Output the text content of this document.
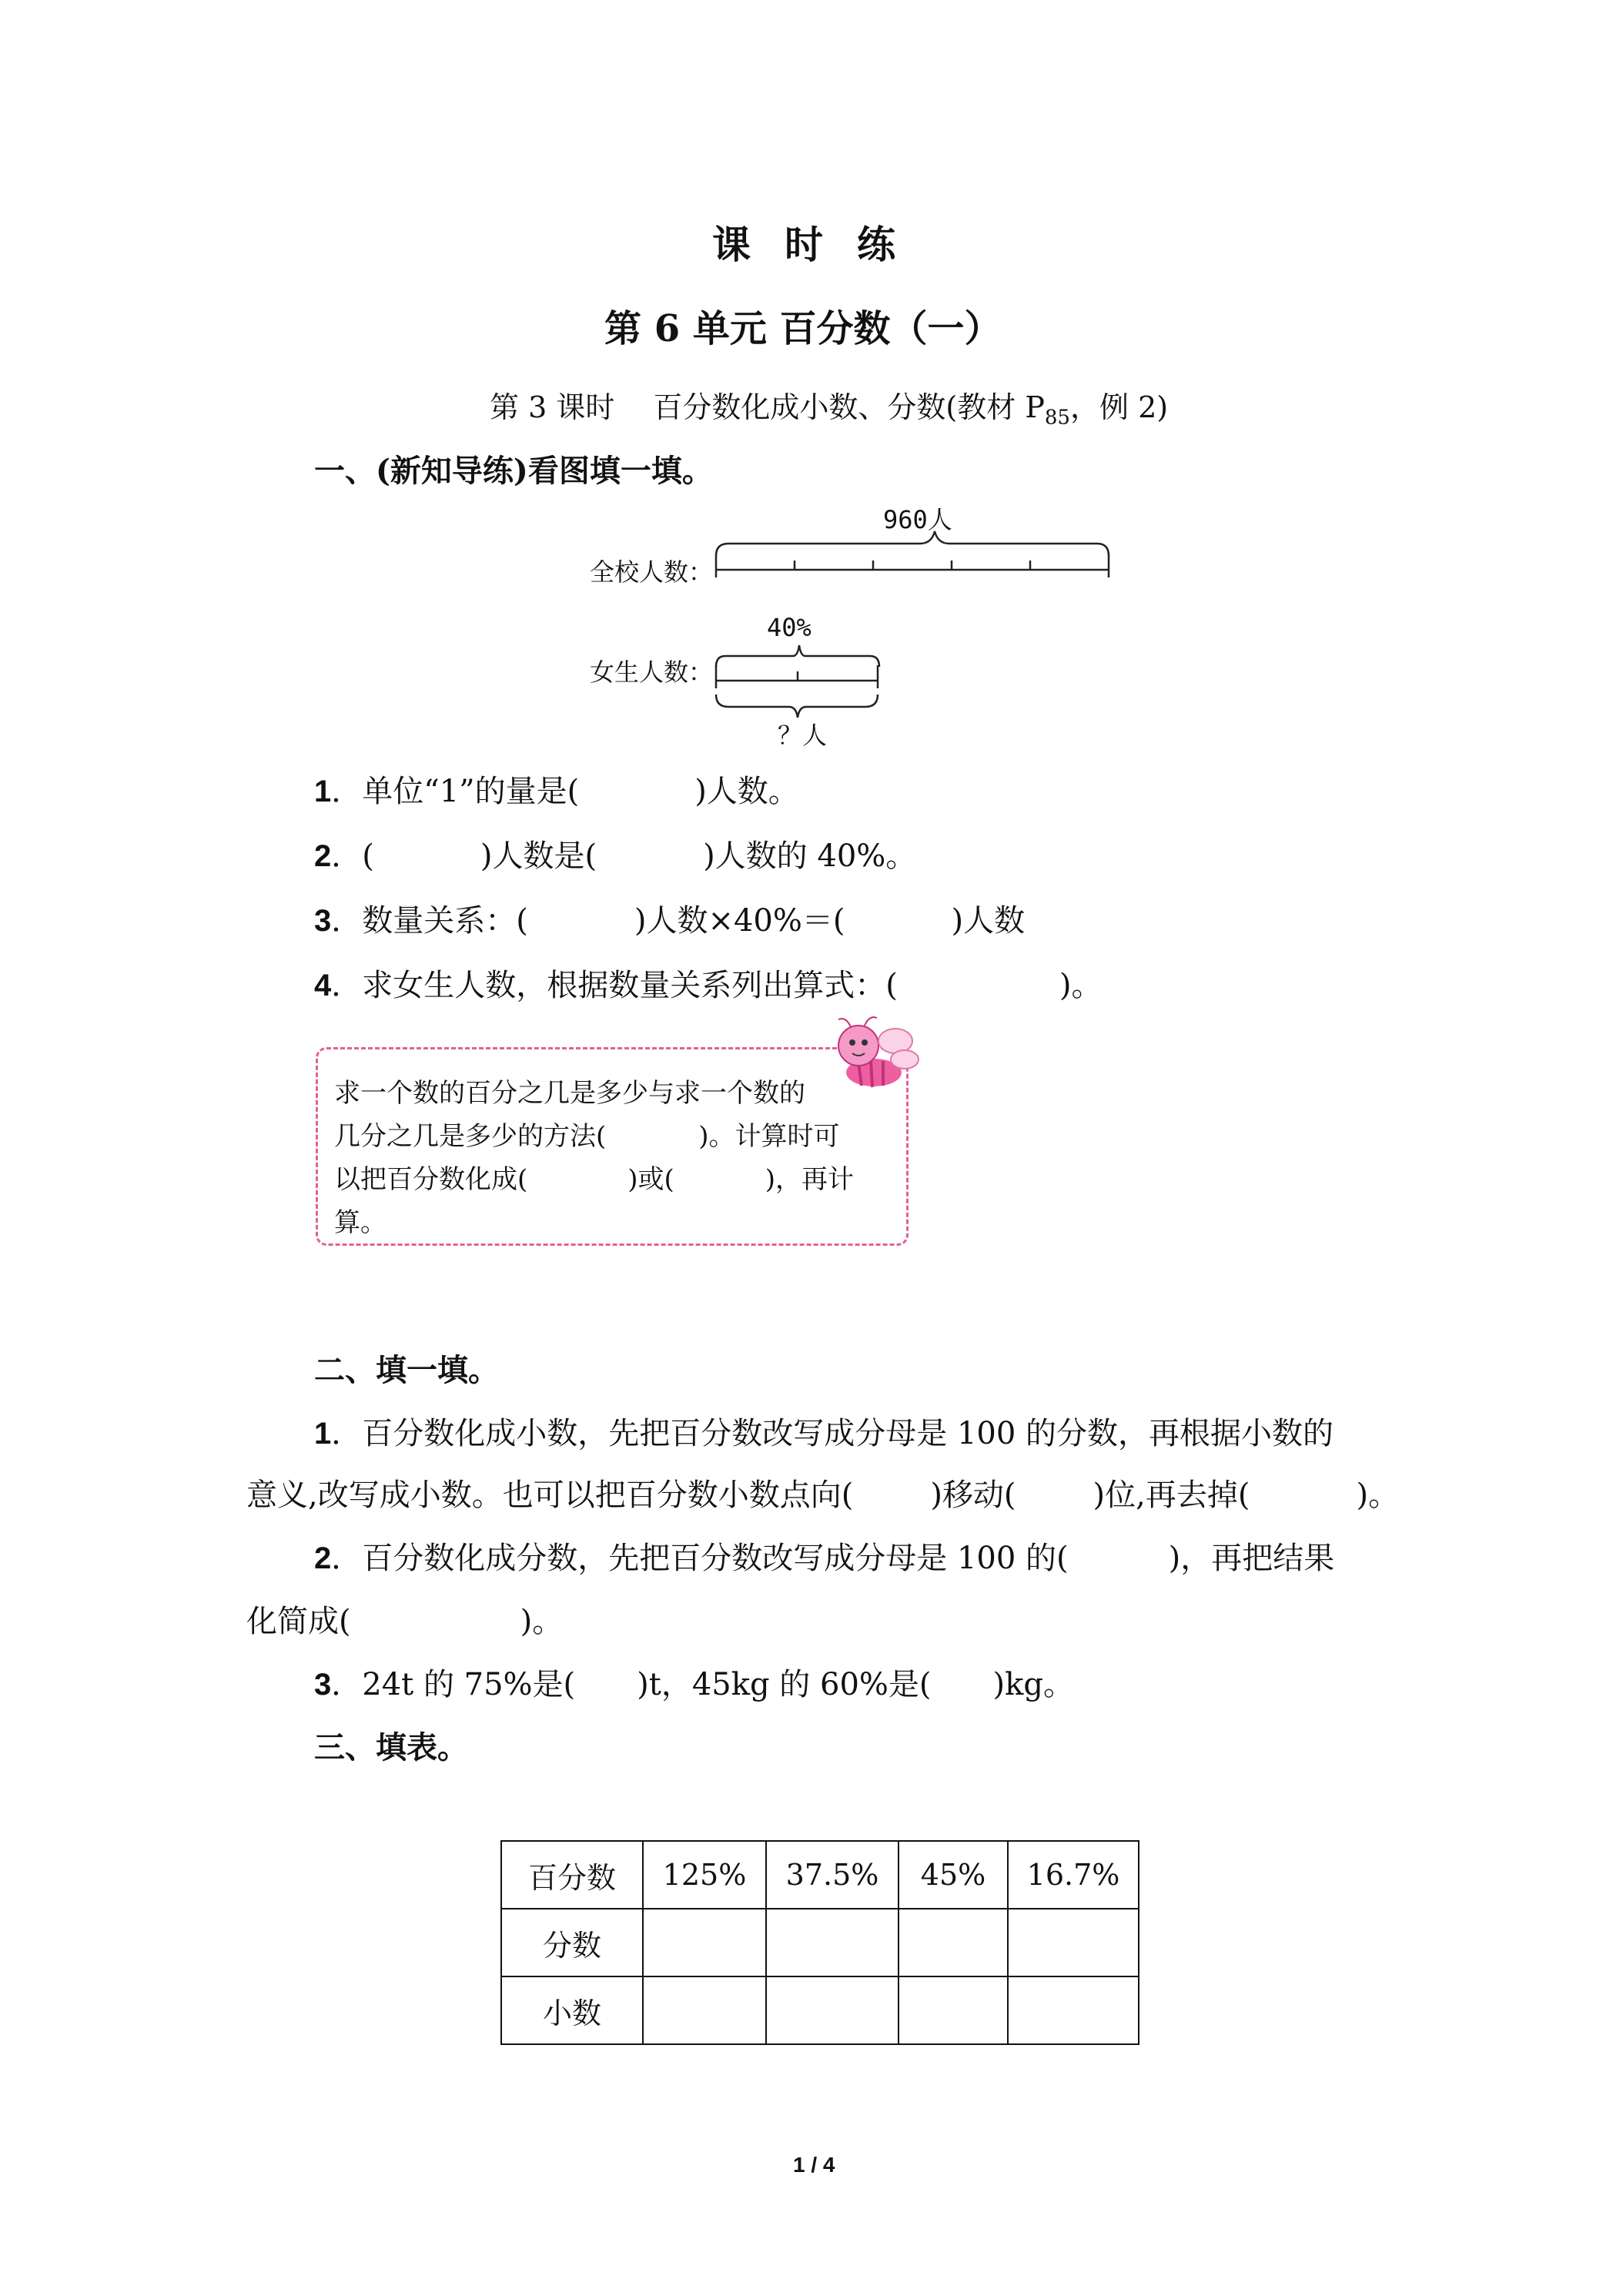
课时练
第 6 单元 百分数（一）
第 3 课时　 百分数化成小数、分数(教材 $P_{85}$，例 2)
一、(新知导练)看图填一填。
960人
全校人数：
40%
女生人数：
？人
1．单位“1”的量是(	)人数。
2．(	)人数是(	)人数的 40%。
3．数量关系：(	)人数×40%＝(	)人数
4．求女生人数，根据数量关系列出算式：(	)。
求一个数的百分之几是多少与求一个数的
几分之几是多少的方法(	)。计算时可
以把百分数化成(	)或(	)，再计
算。
二、填一填。
1．百分数化成小数，先把百分数改写成分母是 100 的分数，再根据小数的
意义,改写成小数。也可以把百分数小数点向(	)移动(	)位,再去掉(	)。
2．百分数化成分数，先把百分数改写成分母是 100 的(	)，再把结果
化简成(	)。
3．24t 的 75%是( )t，45kg 的 60%是( )kg。
三、填表。
百分数	125%	37.5%	45%	16.7%
分数				
小数				
1 / 4
